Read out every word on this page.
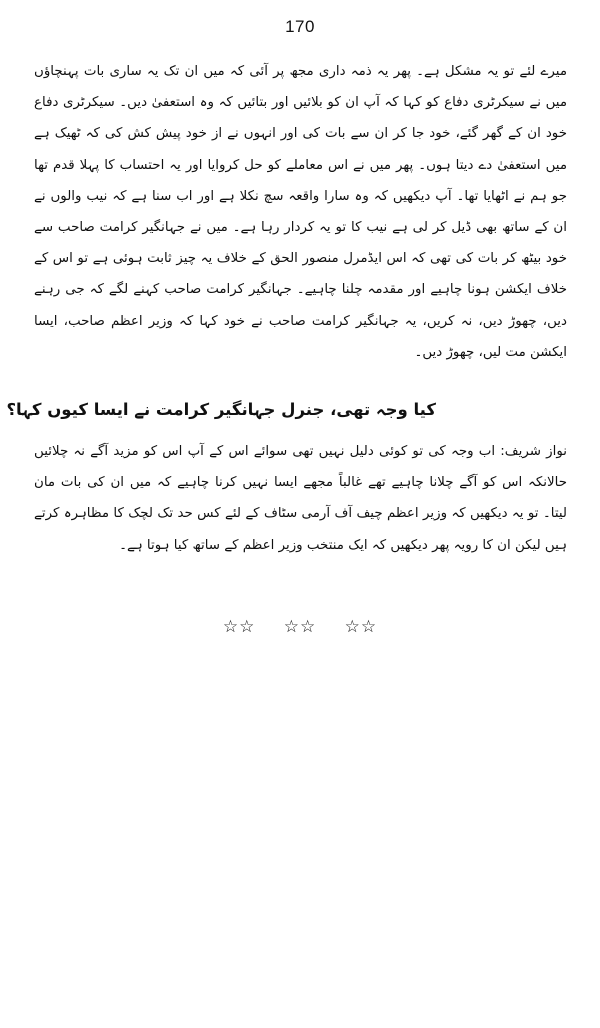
170

میرے لئے تو یہ مشکل ہے۔ پھر یہ ذمہ داری مجھ پر آئی کہ میں ان تک یہ ساری بات پہنچاؤں میں نے سیکرٹری دفاع کو کہا کہ آپ ان کو بلائیں اور بتائیں کہ وہ استعفیٰ دیں۔ سیکرٹری دفاع خود ان کے گھر گئے، خود جا کر ان سے بات کی اور انہوں نے از خود پیش کش کی کہ ٹھیک ہے میں استعفیٰ دے دیتا ہوں۔ پھر میں نے اس معاملے کو حل کروایا اور یہ احتساب کا پہلا قدم تھا جو ہم نے اٹھایا تھا۔ آپ دیکھیں کہ وہ سارا واقعہ سچ نکلا ہے اور اب سنا ہے کہ نیب والوں نے ان کے ساتھ بھی ڈیل کر لی ہے نیب کا تو یہ کردار رہا ہے۔ میں نے جہانگیر کرامت صاحب سے خود بیٹھ کر بات کی تھی کہ اس ایڈمرل منصور الحق کے خلاف یہ چیز ثابت ہوئی ہے تو اس کے خلاف ایکشن ہونا چاہیے اور مقدمہ چلنا چاہیے۔ جہانگیر کرامت صاحب کہنے لگے کہ جی رہنے دیں، چھوڑ دیں، نہ کریں، یہ جہانگیر کرامت صاحب نے خود کہا کہ وزیر اعظم صاحب، ایسا ایکشن مت لیں، چھوڑ دیں۔

کیا وجہ تھی، جنرل جہانگیر کرامت نے ایسا کیوں کہا؟

نواز شریف: اب وجہ کی تو کوئی دلیل نہیں تھی سوائے اس کے آپ اس کو مزید آگے نہ چلائیں حالانکہ اس کو آگے چلانا چاہیے تھے غالباً مجھے ایسا نہیں کرنا چاہیے کہ میں ان کی بات مان لیتا۔ تو یہ دیکھیں کہ وزیر اعظم چیف آف آرمی سٹاف کے لئے کس حد تک لچک کا مظاہرہ کرتے ہیں لیکن ان کا رویہ پھر دیکھیں کہ ایک منتخب وزیر اعظم کے ساتھ کیا ہوتا ہے۔

☆☆ ☆☆ ☆☆
